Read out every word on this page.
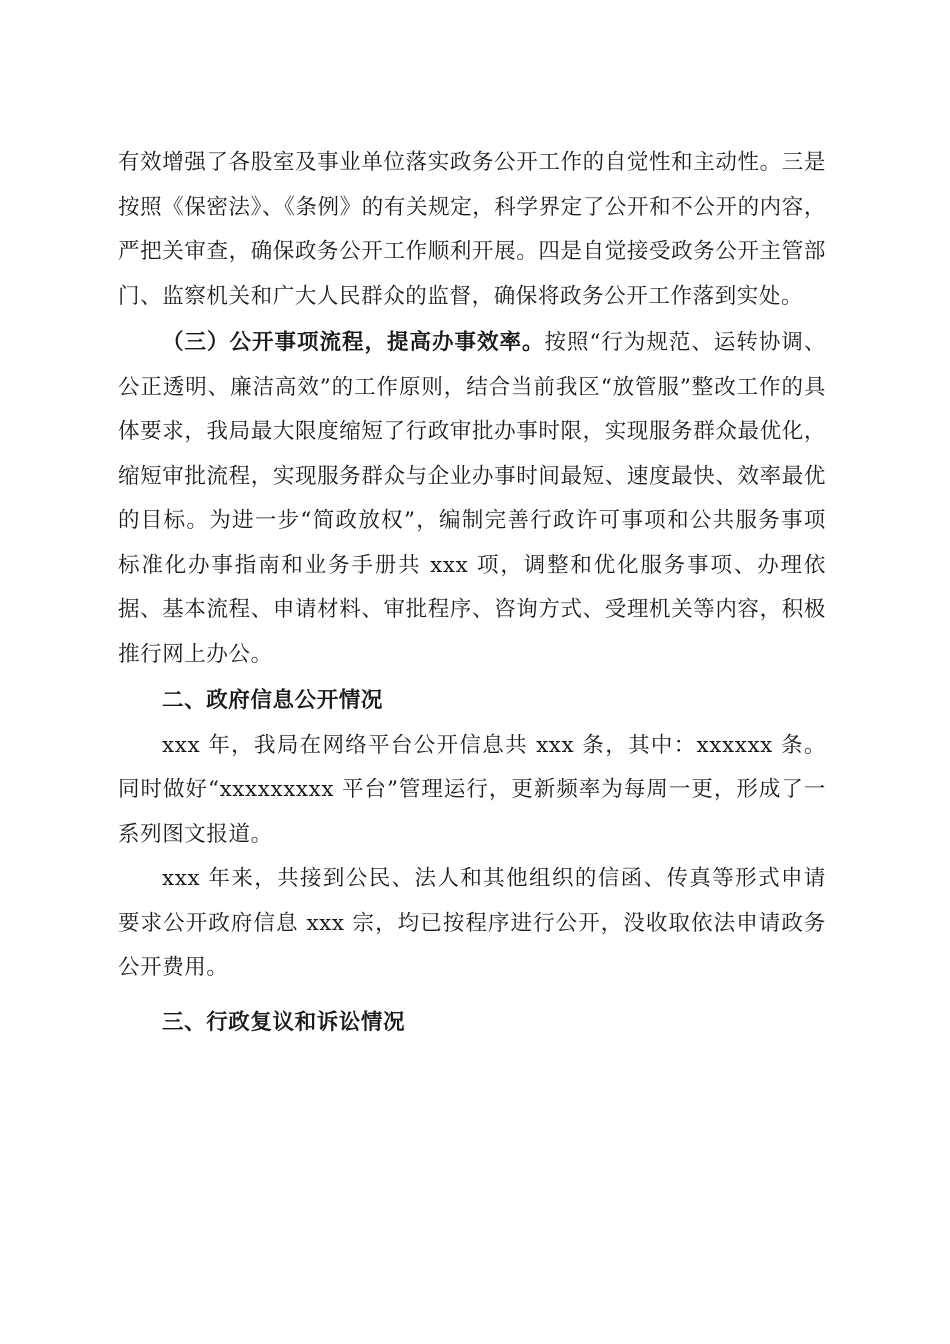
有效增强了各股室及事业单位落实政务公开工作的自觉性和主动性。三是按照《保密法》、《条例》的有关规定，科学界定了公开和不公开的内容，严把关审查，确保政务公开工作顺利开展。四是自觉接受政务公开主管部门、监察机关和广大人民群众的监督，确保将政务公开工作落到实处。

（三）公开事项流程，提高办事效率。按照“行为规范、运转协调、公正透明、廉洁高效”的工作原则，结合当前我区“放管服”整改工作的具体要求，我局最大限度缩短了行政审批办事时限，实现服务群众最优化，缩短审批流程，实现服务群众与企业办事时间最短、速度最快、效率最优的目标。为进一步“简政放权”，编制完善行政许可事项和公共服务事项标准化办事指南和业务手册共 xxx 项，调整和优化服务事项、办理依据、基本流程、申请材料、审批程序、咨询方式、受理机关等内容，积极推行网上办公。

二、政府信息公开情况

xxx 年，我局在网络平台公开信息共 xxx 条，其中：xxxxxx 条。同时做好“xxxxxxxxx 平台”管理运行，更新频率为每周一更，形成了一系列图文报道。

xxx 年来，共接到公民、法人和其他组织的信函、传真等形式申请要求公开政府信息 xxx 宗，均已按程序进行公开，没收取依法申请政务公开费用。

三、行政复议和诉讼情况
